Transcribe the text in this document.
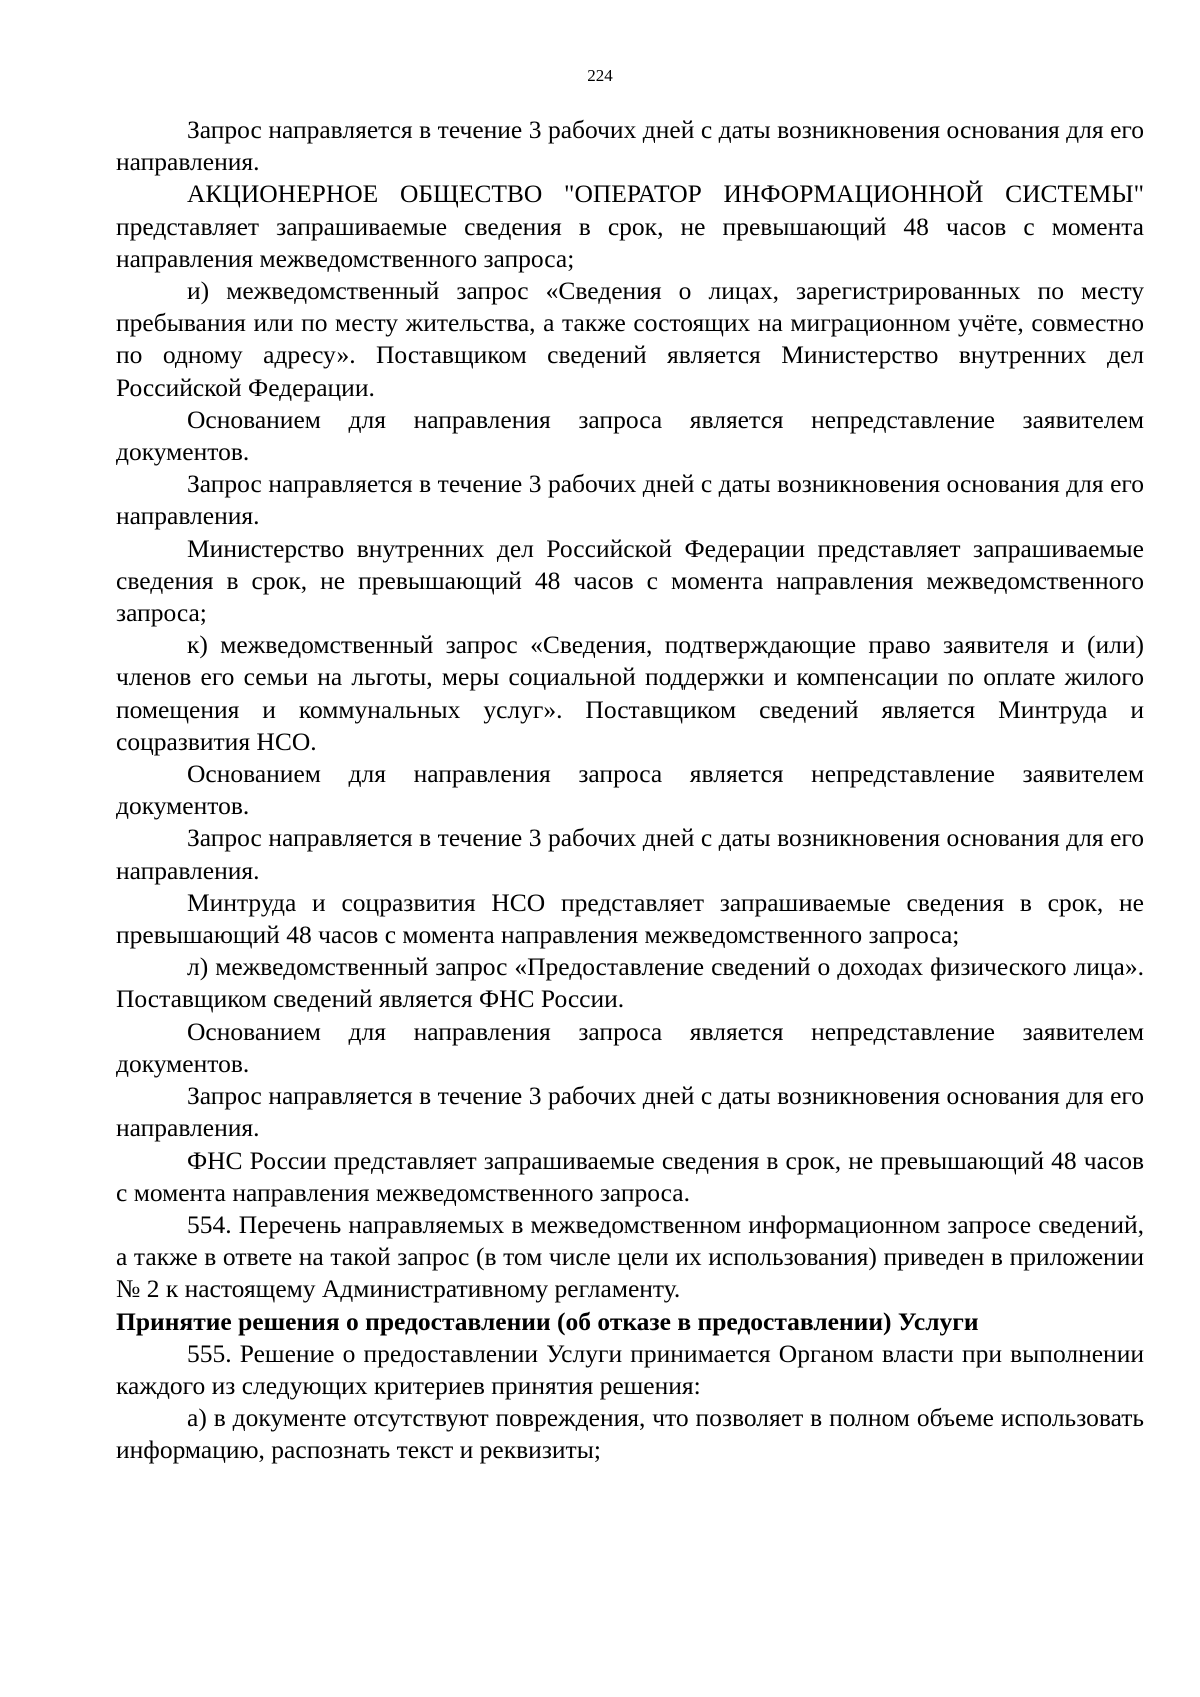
224

Запрос направляется в течение 3 рабочих дней с даты возникновения основания для его направления.

АКЦИОНЕРНОЕ ОБЩЕСТВО "ОПЕРАТОР ИНФОРМАЦИОННОЙ СИСТЕМЫ" представляет запрашиваемые сведения в срок, не превышающий 48 часов с момента направления межведомственного запроса;

и) межведомственный запрос «Сведения о лицах, зарегистрированных по месту пребывания или по месту жительства, а также состоящих на миграционном учёте, совместно по одному адресу». Поставщиком сведений является Министерство внутренних дел Российской Федерации.

Основанием для направления запроса является непредставление заявителем документов.

Запрос направляется в течение 3 рабочих дней с даты возникновения основания для его направления.

Министерство внутренних дел Российской Федерации представляет запрашиваемые сведения в срок, не превышающий 48 часов с момента направления межведомственного запроса;

к) межведомственный запрос «Сведения, подтверждающие право заявителя и (или) членов его семьи на льготы, меры социальной поддержки и компенсации по оплате жилого помещения и коммунальных услуг». Поставщиком сведений является Минтруда и соцразвития НСО.

Основанием для направления запроса является непредставление заявителем документов.

Запрос направляется в течение 3 рабочих дней с даты возникновения основания для его направления.

Минтруда и соцразвития НСО представляет запрашиваемые сведения в срок, не превышающий 48 часов с момента направления межведомственного запроса;

л) межведомственный запрос «Предоставление сведений о доходах физического лица». Поставщиком сведений является ФНС России.

Основанием для направления запроса является непредставление заявителем документов.

Запрос направляется в течение 3 рабочих дней с даты возникновения основания для его направления.

ФНС России представляет запрашиваемые сведения в срок, не превышающий 48 часов с момента направления межведомственного запроса.

554. Перечень направляемых в межведомственном информационном запросе сведений, а также в ответе на такой запрос (в том числе цели их использования) приведен в приложении № 2 к настоящему Административному регламенту.

Принятие решения о предоставлении (об отказе в предоставлении) Услуги

555. Решение о предоставлении Услуги принимается Органом власти при выполнении каждого из следующих критериев принятия решения:

а) в документе отсутствуют повреждения, что позволяет в полном объеме использовать информацию, распознать текст и реквизиты;
